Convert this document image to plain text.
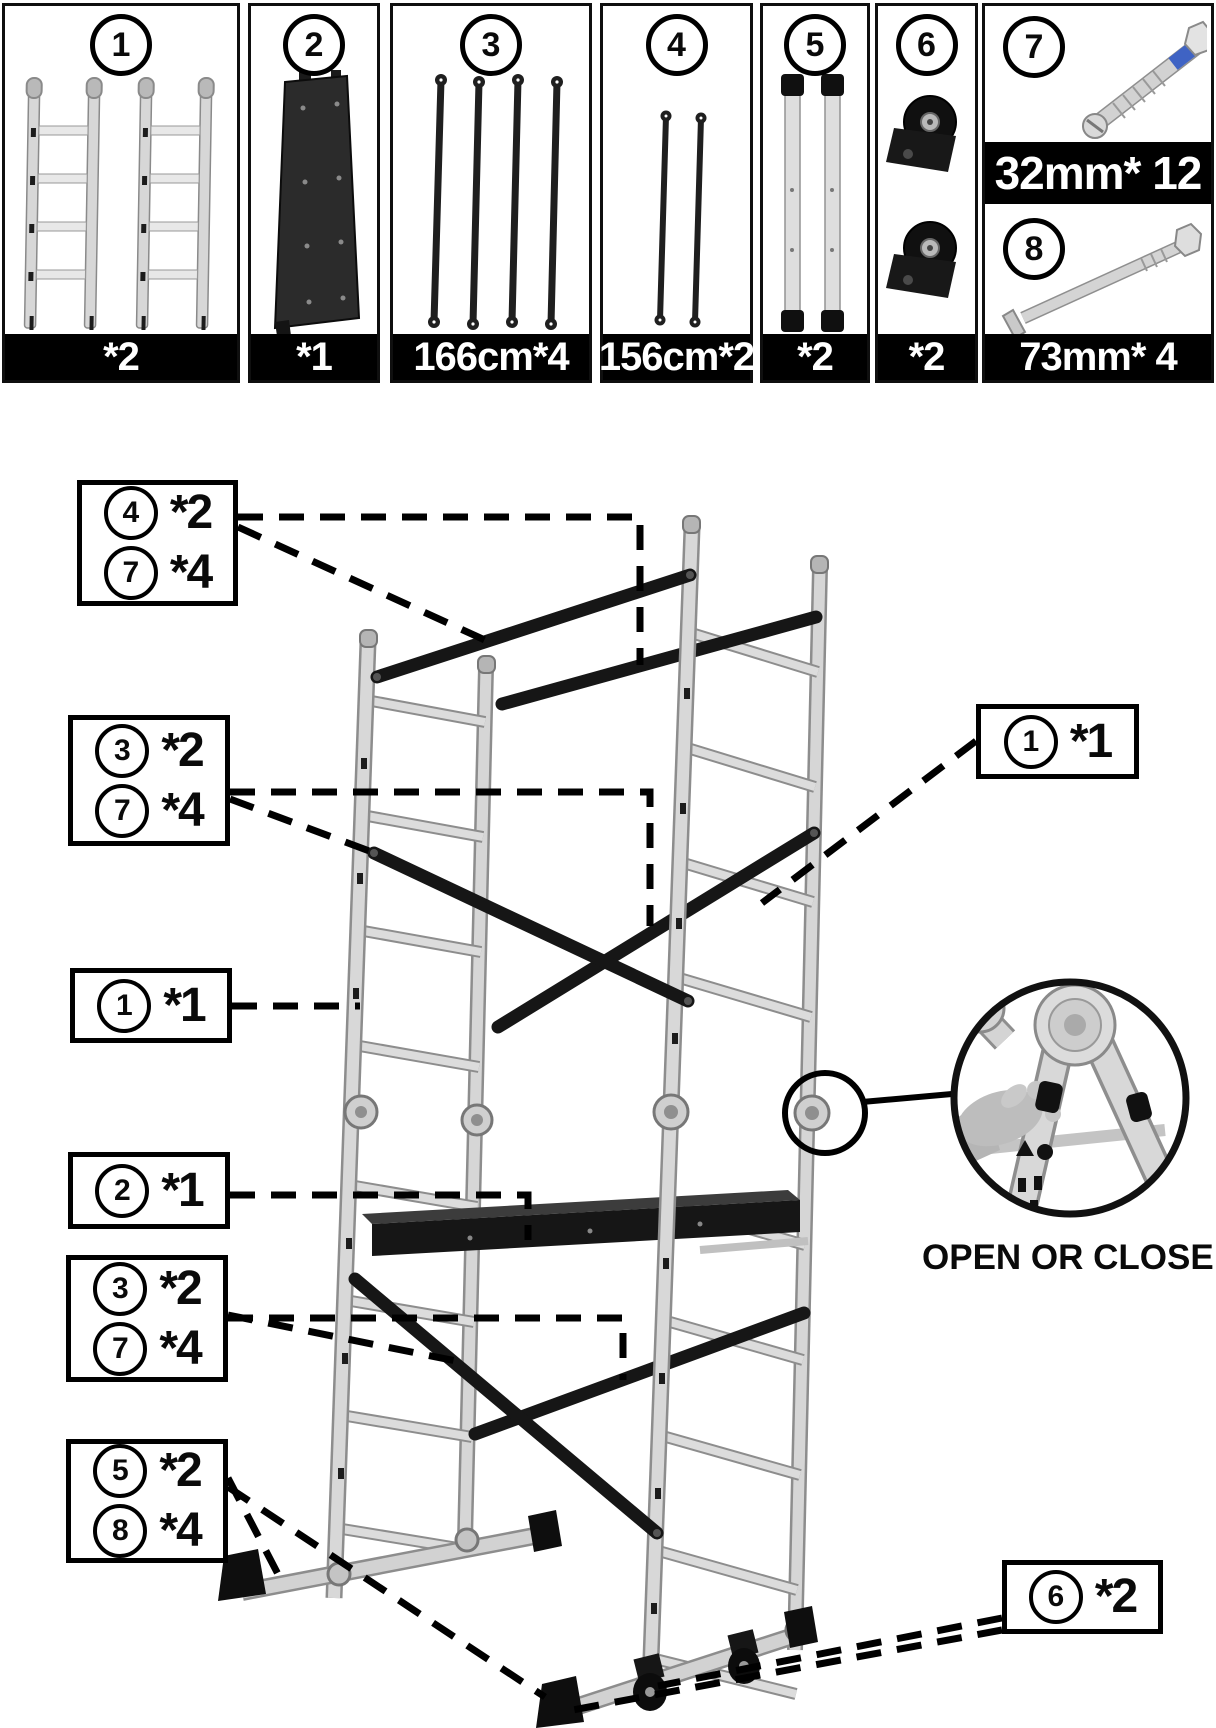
1
*2
2
*1
3
166cm*4
4
156cm*2
5
*2
6
*2
7
32mm* 12
8
73mm* 4
4 *2
7 *4
3 *2
7 *4
1 *1
2 *1
3 *2
7 *4
5 *2
8 *4
1 *1
6 *2
OPEN OR CLOSE
